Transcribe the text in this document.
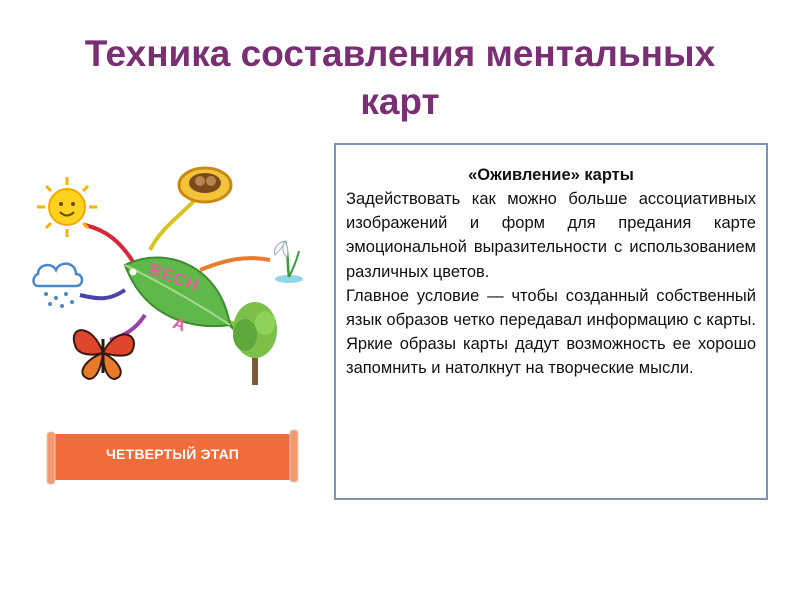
Техника составления ментальных карт
ВЕСН
А
ЧЕТВЕРТЫЙ ЭТАП

«Оживление» карты

Задействовать как можно больше ассоциативных изображений и форм для предания карте эмоциональной выразительности с использованием различных цветов.

Главное условие — чтобы созданный собственный язык образов четко передавал информацию с карты. Яркие образы карты дадут возможность ее хорошо запомнить и натолкнут на творческие мысли.
